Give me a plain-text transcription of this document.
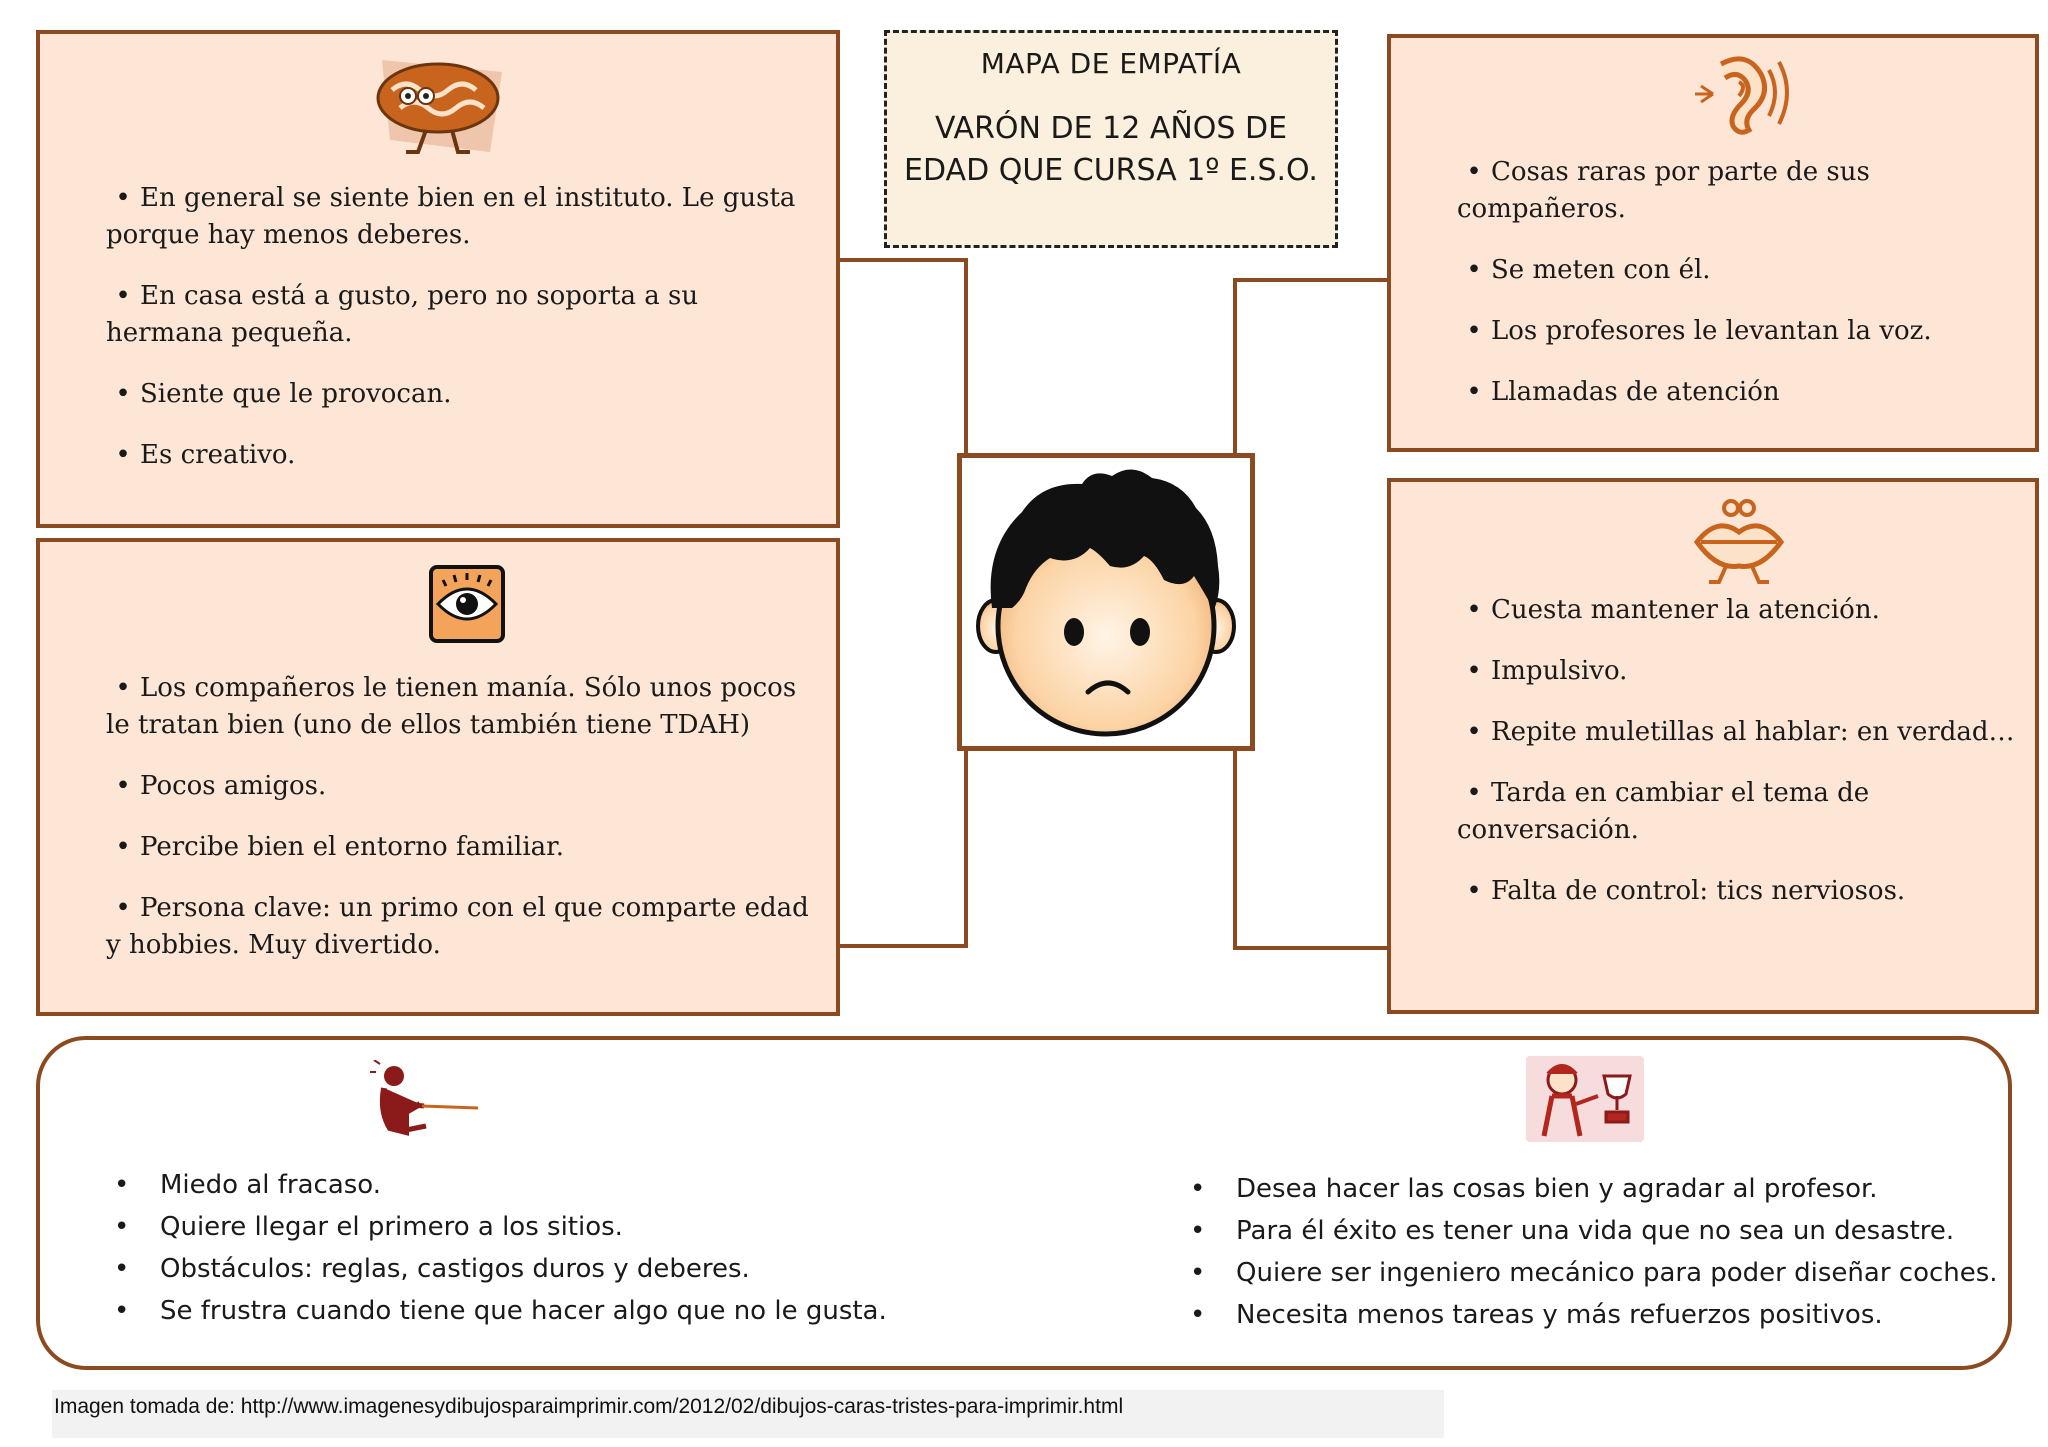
MAPA DE EMPATÍA
VARÓN DE 12 AÑOS DE EDAD QUE CURSA 1º E.S.O.
• En general se siente bien en el instituto. Le gusta porque hay menos deberes.
• En casa está a gusto, pero no soporta a su hermana pequeña.
• Siente que le provocan.
• Es creativo.
• Los compañeros le tienen manía. Sólo unos pocos le tratan bien (uno de ellos también tiene TDAH)
• Pocos amigos.
• Percibe bien el entorno familiar.
• Persona clave: un primo con el que comparte edad y hobbies. Muy divertido.
• Cosas raras por parte de sus compañeros.
• Se meten con él.
• Los profesores le levantan la voz.
• Llamadas de atención
• Cuesta mantener la atención.
• Impulsivo.
• Repite muletillas al hablar: en verdad…
• Tarda en cambiar el tema de conversación.
• Falta de control: tics nerviosos.
• Miedo al fracaso.
• Quiere llegar el primero a los sitios.
• Obstáculos: reglas, castigos duros y deberes.
• Se frustra cuando tiene que hacer algo que no le gusta.
• Desea hacer las cosas bien y agradar al profesor.
• Para él éxito es tener una vida que no sea un desastre.
• Quiere ser ingeniero mecánico para poder diseñar coches.
• Necesita menos tareas y más refuerzos positivos.
Imagen tomada de: http://www.imagenesydibujosparaimprimir.com/2012/02/dibujos-caras-tristes-para-imprimir.html
